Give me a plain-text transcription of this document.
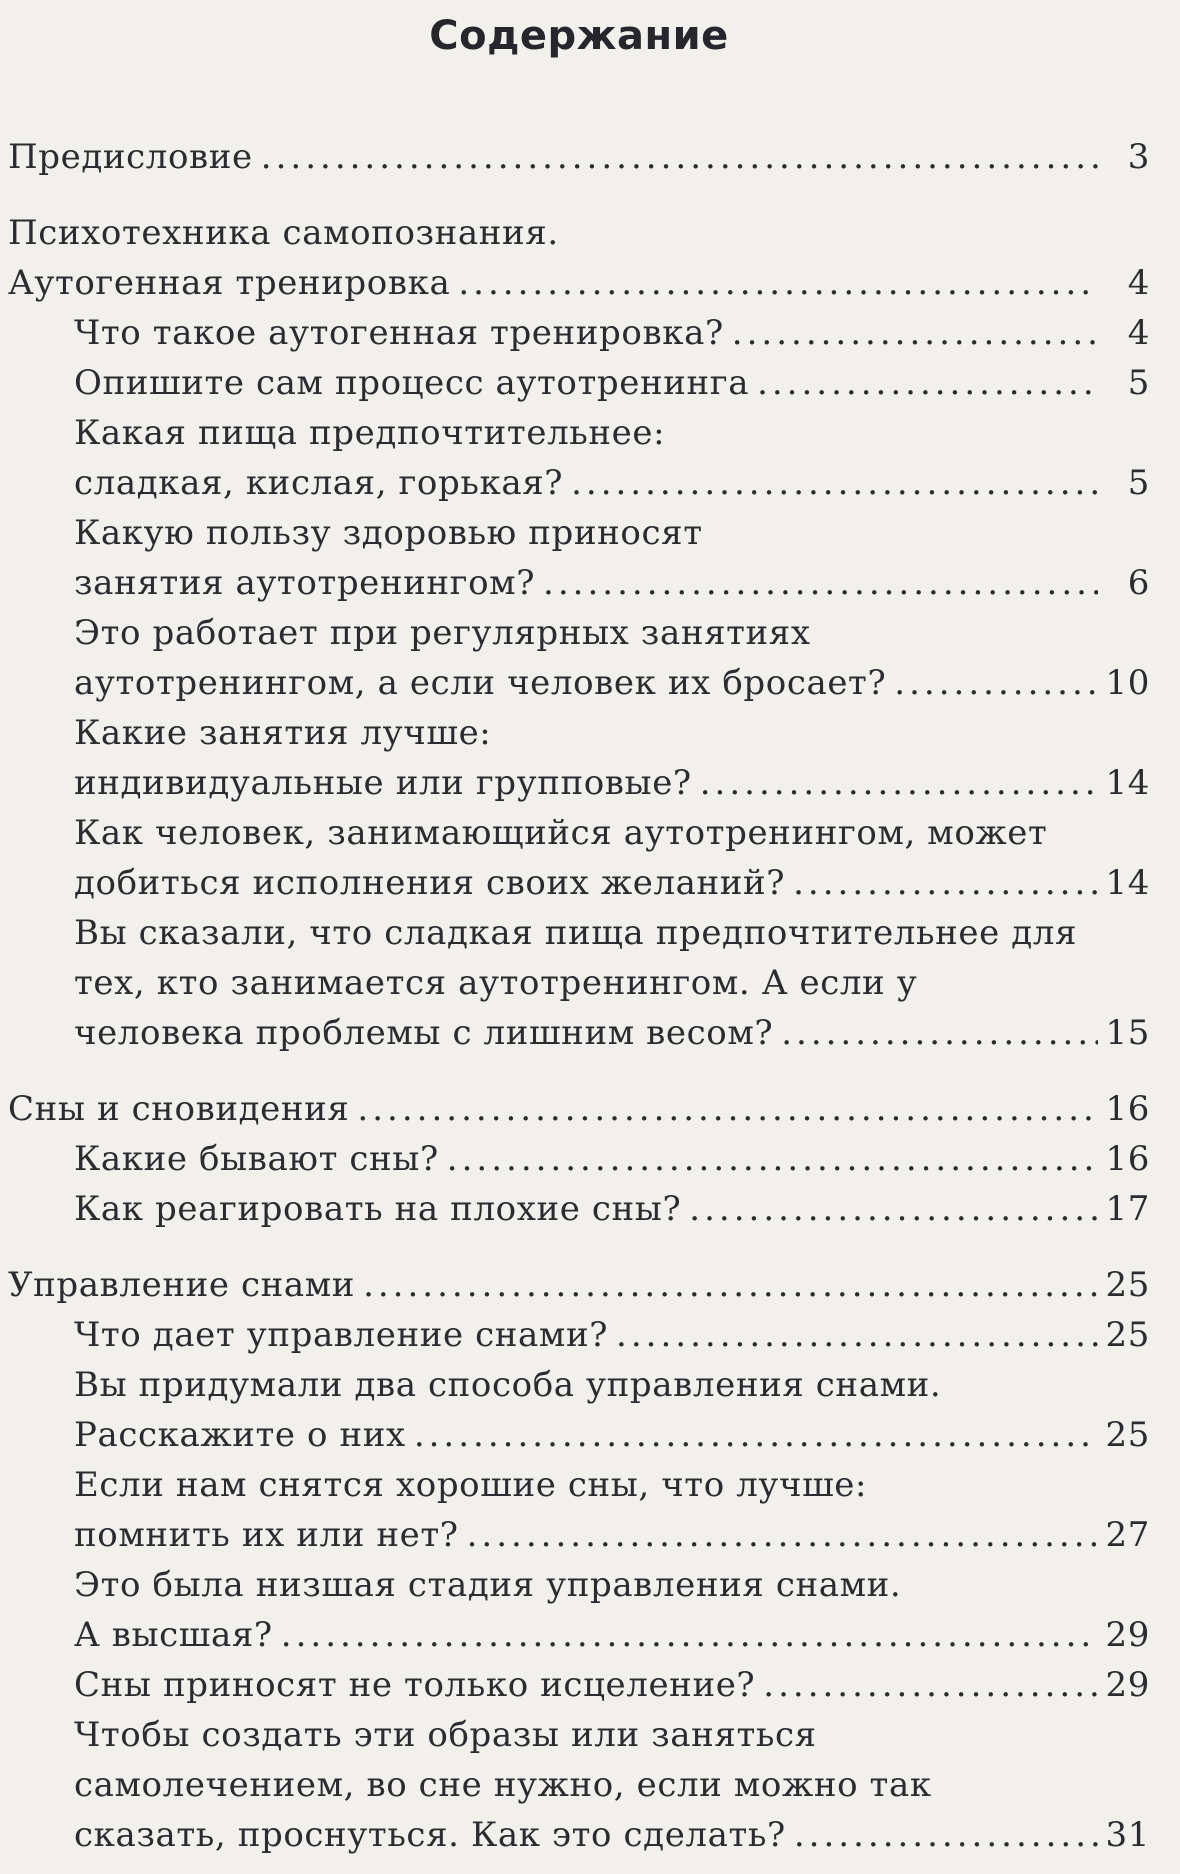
Содержание
Предисловие .....	3
Психотехника самопознания.
Аутогенная тренировка .....	4
Что такое аутогенная тренировка? .....	4
Опишите сам процесс аутотренинга .....	5
Какая пища предпочтительнее:
сладкая, кислая, горькая? .....	5
Какую пользу здоровью приносят
занятия аутотренингом? .....	6
Это работает при регулярных занятиях
аутотренингом, а если человек их бросает? .....	10
Какие занятия лучше:
индивидуальные или групповые? .....	14
Как человек, занимающийся аутотренингом, может
добиться исполнения своих желаний? .....	14
Вы сказали, что сладкая пища предпочтительнее для
тех, кто занимается аутотренингом. А если у
человека проблемы с лишним весом? .....	15
Сны и сновидения .....	16
Какие бывают сны? .....	16
Как реагировать на плохие сны? .....	17
Управление снами .....	25
Что дает управление снами? .....	25
Вы придумали два способа управления снами.
Расскажите о них .....	25
Если нам снятся хорошие сны, что лучше:
помнить их или нет? .....	27
Это была низшая стадия управления снами.
А высшая? .....	29
Сны приносят не только исцеление? .....	29
Чтобы создать эти образы или заняться
самолечением, во сне нужно, если можно так
сказать, проснуться. Как это сделать? .....	31
